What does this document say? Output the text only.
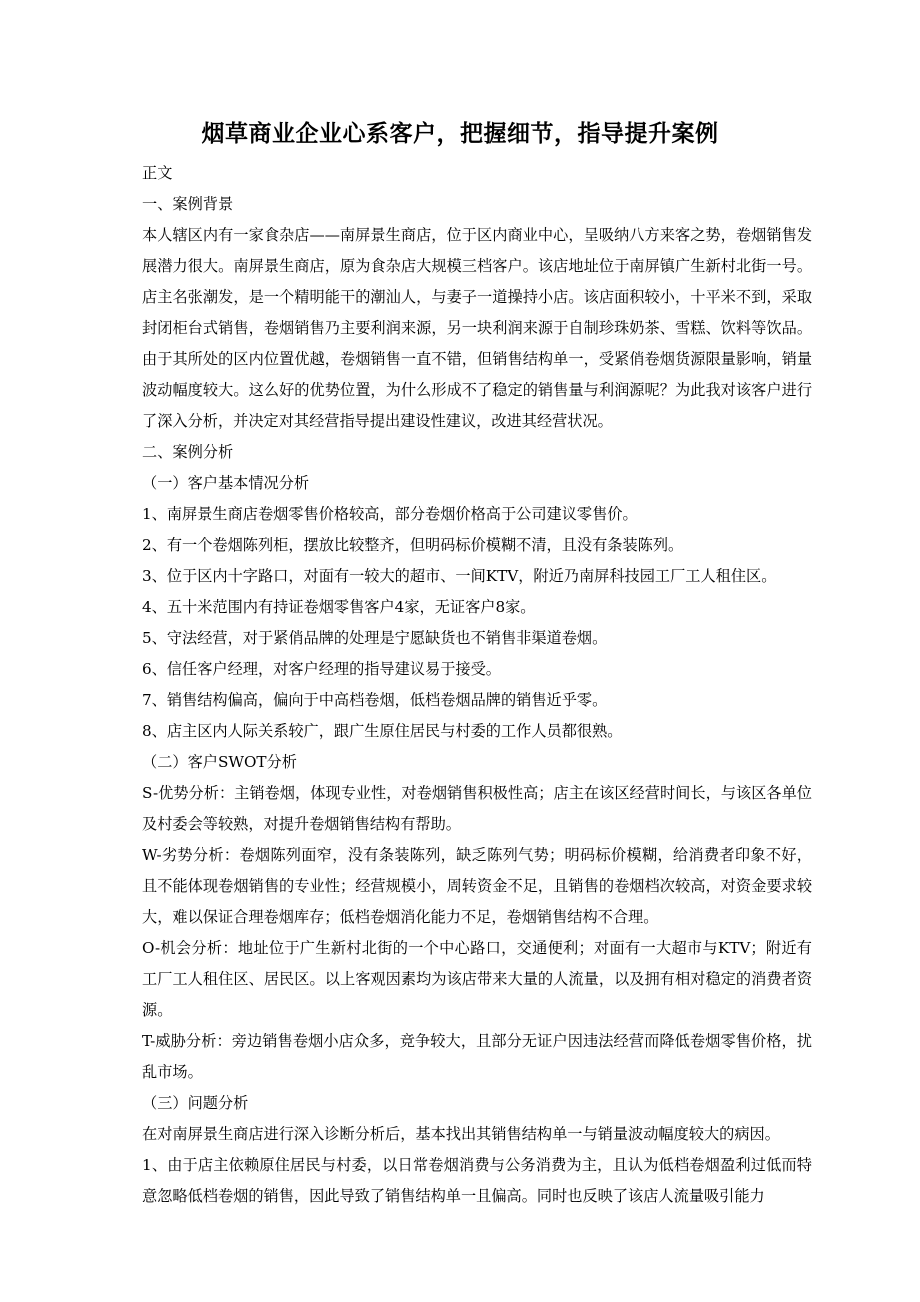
烟草商业企业心系客户，把握细节，指导提升案例

正文

一、案例背景

本人辖区内有一家食杂店——南屏景生商店，位于区内商业中心，呈吸纳八方来客之势，卷烟销售发展潜力很大。南屏景生商店，原为食杂店大规模三档客户。该店地址位于南屏镇广生新村北街一号。店主名张潮发，是一个精明能干的潮汕人，与妻子一道操持小店。该店面积较小，十平米不到，采取封闭柜台式销售，卷烟销售乃主要利润来源，另一块利润来源于自制珍珠奶茶、雪糕、饮料等饮品。由于其所处的区内位置优越，卷烟销售一直不错，但销售结构单一，受紧俏卷烟货源限量影响，销量波动幅度较大。这么好的优势位置，为什么形成不了稳定的销售量与利润源呢？为此我对该客户进行了深入分析，并决定对其经营指导提出建设性建议，改进其经营状况。

二、案例分析

（一）客户基本情况分析

1、南屏景生商店卷烟零售价格较高，部分卷烟价格高于公司建议零售价。

2、有一个卷烟陈列柜，摆放比较整齐，但明码标价模糊不清，且没有条装陈列。

3、位于区内十字路口，对面有一较大的超市、一间KTV，附近乃南屏科技园工厂工人租住区。

4、五十米范围内有持证卷烟零售客户4家，无证客户8家。

5、守法经营，对于紧俏品牌的处理是宁愿缺货也不销售非渠道卷烟。

6、信任客户经理，对客户经理的指导建议易于接受。

7、销售结构偏高，偏向于中高档卷烟，低档卷烟品牌的销售近乎零。

8、店主区内人际关系较广，跟广生原住居民与村委的工作人员都很熟。

（二）客户SWOT分析

S-优势分析：主销卷烟，体现专业性，对卷烟销售积极性高；店主在该区经营时间长，与该区各单位及村委会等较熟，对提升卷烟销售结构有帮助。

W-劣势分析：卷烟陈列面窄，没有条装陈列，缺乏陈列气势；明码标价模糊，给消费者印象不好，且不能体现卷烟销售的专业性；经营规模小，周转资金不足，且销售的卷烟档次较高，对资金要求较大，难以保证合理卷烟库存；低档卷烟消化能力不足，卷烟销售结构不合理。

O-机会分析：地址位于广生新村北街的一个中心路口，交通便利；对面有一大超市与KTV；附近有工厂工人租住区、居民区。以上客观因素均为该店带来大量的人流量，以及拥有相对稳定的消费者资源。

T-威胁分析：旁边销售卷烟小店众多，竞争较大，且部分无证户因违法经营而降低卷烟零售价格，扰乱市场。

（三）问题分析

在对南屏景生商店进行深入诊断分析后，基本找出其销售结构单一与销量波动幅度较大的病因。

1、由于店主依赖原住居民与村委，以日常卷烟消费与公务消费为主，且认为低档卷烟盈利过低而特意忽略低档卷烟的销售，因此导致了销售结构单一且偏高。同时也反映了该店人流量吸引能力
